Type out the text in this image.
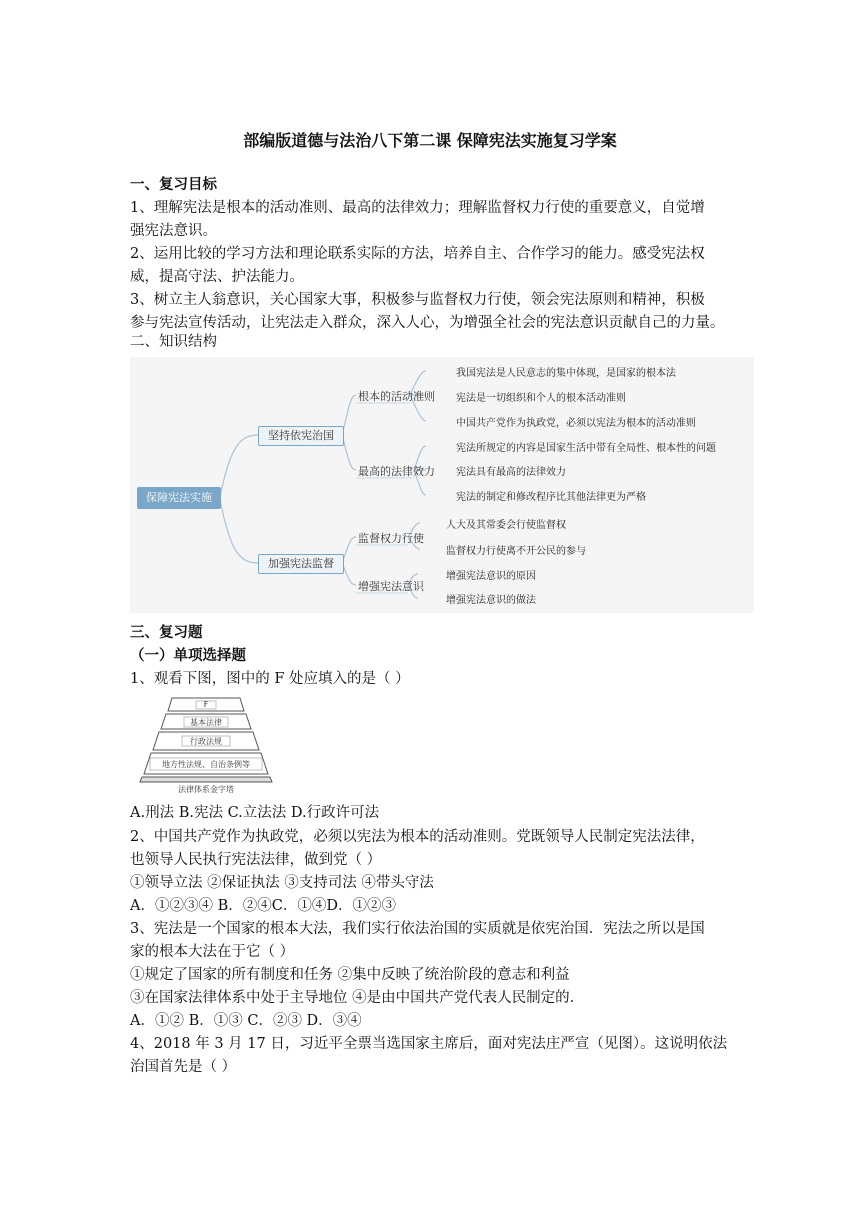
部编版道德与法治八下第二课 保障宪法实施复习学案
一、复习目标
1、理解宪法是根本的活动准则、最高的法律效力；理解监督权力行使的重要意义，自觉增
强宪法意识。
2、运用比较的学习方法和理论联系实际的方法，培养自主、合作学习的能力。感受宪法权
威，提高守法、护法能力。
3、树立主人翁意识，关心国家大事，积极参与监督权力行使，领会宪法原则和精神，积极
参与宪法宣传活动，让宪法走入群众，深入人心，为增强全社会的宪法意识贡献自己的力量。
二、知识结构
保障宪法实施
坚持依宪治国
加强宪法监督
根本的活动准则
最高的法律效力
监督权力行使
增强宪法意识
我国宪法是人民意志的集中体现，是国家的根本法
宪法是一切组织和个人的根本活动准则
中国共产党作为执政党，必须以宪法为根本的活动准则
宪法所规定的内容是国家生活中带有全局性、根本性的问题
宪法具有最高的法律效力
宪法的制定和修改程序比其他法律更为严格
人大及其常委会行使监督权
监督权力行使离不开公民的参与
增强宪法意识的原因
增强宪法意识的做法
三、复习题
（一）单项选择题
1、观看下图，图中的 F 处应填入的是（ ）
F
基本法律
行政法规
地方性法规、自治条例等
法律体系金字塔
A.刑法 B.宪法 C.立法法 D.行政许可法
2、中国共产党作为执政党，必须以宪法为根本的活动准则。党既领导人民制定宪法法律，
也领导人民执行宪法法律，做到党（ ）
①领导立法 ②保证执法 ③支持司法 ④带头守法
A．①②③④ B．②④C．①④D．①②③
3、宪法是一个国家的根本大法，我们实行依法治国的实质就是依宪治国．宪法之所以是国
家的根本大法在于它（ ）
①规定了国家的所有制度和任务 ②集中反映了统治阶段的意志和利益
③在国家法律体系中处于主导地位 ④是由中国共产党代表人民制定的．
A．①② B．①③ C．②③ D．③④
4、2018 年 3 月 17 日，习近平全票当选国家主席后，面对宪法庄严宣（见图）。这说明依法
治国首先是（ ）
